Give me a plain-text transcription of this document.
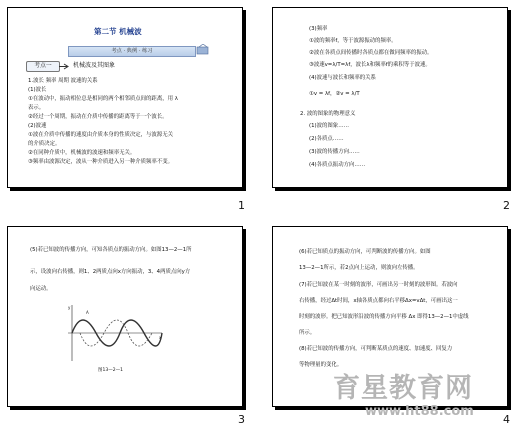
第二节 机械波
考点 · 典例 · 练习
考点一	机械波及其图象
1.波长 频率 周期 波速的关系
(1)波长
①在波动中，振动相位总是相同的两个相邻质点间的距离，用 λ
表示。
②经过一个周期，振动在介质中传播的距离等于一个波长。
(2)波速
①波在介质中传播的速度由介质本身的性质决定，与波源无关
的介质决定。
②在同种介质中，机械波的波速和频率无关。
③频率由波源决定，波从一种介质进入另一种介质频率不变。
1
(3)频率
①波的频率f，等于波源振动的频率。
②波在各质点间传播时各质点都在做同频率的振动。
③波速v=λ/T=λf，波长λ和频率f的乘积等于波速。
(4)波速与波长和频率的关系
①v = λf，②v = λ/T
2. 波的图象的物理意义
(1)波的图象……
(2)各质点……
(3)波的传播方向……
(4)各质点振动方向……
2
(5)若已知波的传播方向，可知各质点的振动方向。如图13—2—1所
示，设波向右传播，则1、2两质点向x方向振动，3、4两质点向y方
向运动。
A
y
x
图13—2—1
3
(6)若已知质点的振动方向，可判断波的传播方向。如图
13—2—1所示，若2点向上运动，则波向左传播。
(7)若已知波在某一时刻的波形，可画出另一时刻的波形图。若波向
右传播，经过Δt时间，x轴各质点都向右平移Δx=vΔt，可画出这一
时刻的波形。把已知波形沿波的传播方向平移 Δx 即得13—2—1中虚线
所示。
(8)若已知波的传播方向，可判断某质点的速度、加速度、回复力
等物理量的变化。
4
育星教育网
www.ht88.com
